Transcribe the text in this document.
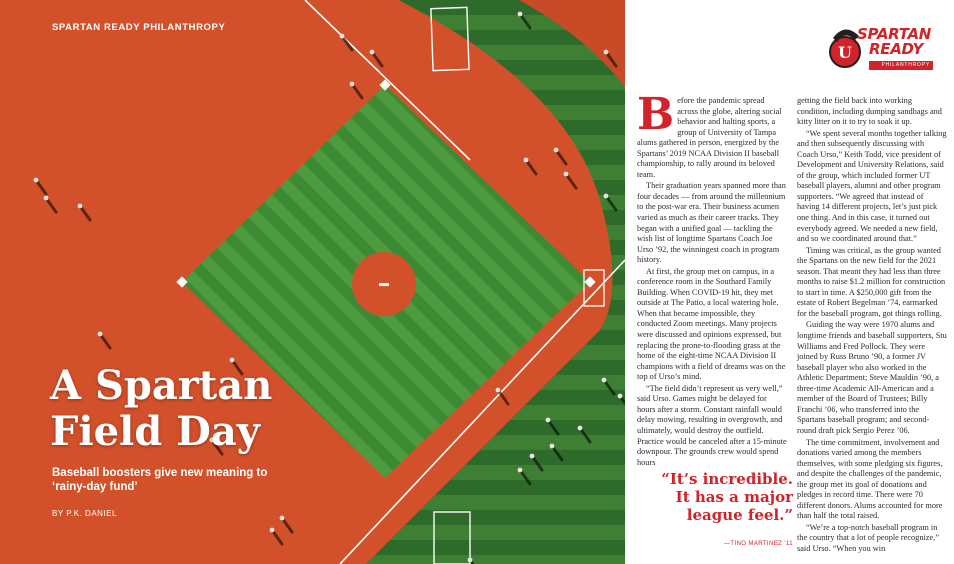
SPARTAN READY PHILANTHROPY
A Spartan Field Day

Baseball boosters give new meaning to ‘rainy-day fund’

BY P.K. DANIEL

U
SPARTAN
READY
PHILANTHROPY
B efore the pandemic spread across the globe, altering social behavior and halting sports, a group of University of Tampa alums gathered in person, energized by the Spartans’ 2019 NCAA Division II baseball championship, to rally around its beloved team.

Their graduation years spanned more than four decades — from around the millennium to the post-war era. Their business acumen varied as much as their career tracks. They began with a unified goal — tackling the wish list of longtime Spartans Coach Joe Urso ’92, the winningest coach in program history.

At first, the group met on campus, in a conference room in the Southard Family Building. When COVID-19 hit, they met outside at The Patio, a local watering hole. When that became impossible, they conducted Zoom meetings. Many projects were discussed and opinions expressed, but replacing the prone-to-flooding grass at the home of the eight-time NCAA Division II champions with a field of dreams was on the top of Urso’s mind.

“The field didn’t represent us very well,” said Urso. Games might be delayed for hours after a storm. Constant rainfall would delay mowing, resulting in overgrowth, and ultimately, would destroy the outfield. Practice would be canceled after a 15-minute downpour. The grounds crew would spend hours

getting the field back into working condition, including dumping sandbags and kitty litter on it to try to soak it up.

“We spent several months together talking and then subsequently discussing with Coach Urso,” Keith Todd, vice president of Development and University Relations, said of the group, which included former UT baseball players, alumni and other program supporters. “We agreed that instead of having 14 different projects, let’s just pick one thing. And in this case, it turned out everybody agreed. We needed a new field, and so we coordinated around that.”

Timing was critical, as the group wanted the Spartans on the new field for the 2021 season. That meant they had less than three months to raise $1.2 million for construction to start in time. A $250,000 gift from the estate of Robert Begelman ’74, earmarked for the baseball program, got things rolling.

Guiding the way were 1970 alums and longtime friends and baseball supporters, Stu Williams and Fred Pollock. They were joined by Russ Bruno ’90, a former JV baseball player who also worked in the Athletic Department; Steve Mauldin ’90, a three-time Academic All-American and a member of the Board of Trustees; Billy Franchi ’06, who transferred into the Spartans baseball program; and second-round draft pick Sergio Perez ’06.

The time commitment, involvement and donations varied among the members themselves, with some pledging six figures, and despite the challenges of the pandemic, the group met its goal of donations and pledges in record time. There were 70 different donors. Alums accounted for more than half the total raised.

“We’re a top-notch baseball program in the country that a lot of people recognize,” said Urso. “When you win

“It’s incredible. It has a major league feel.”
—TINO MARTINEZ ’11
